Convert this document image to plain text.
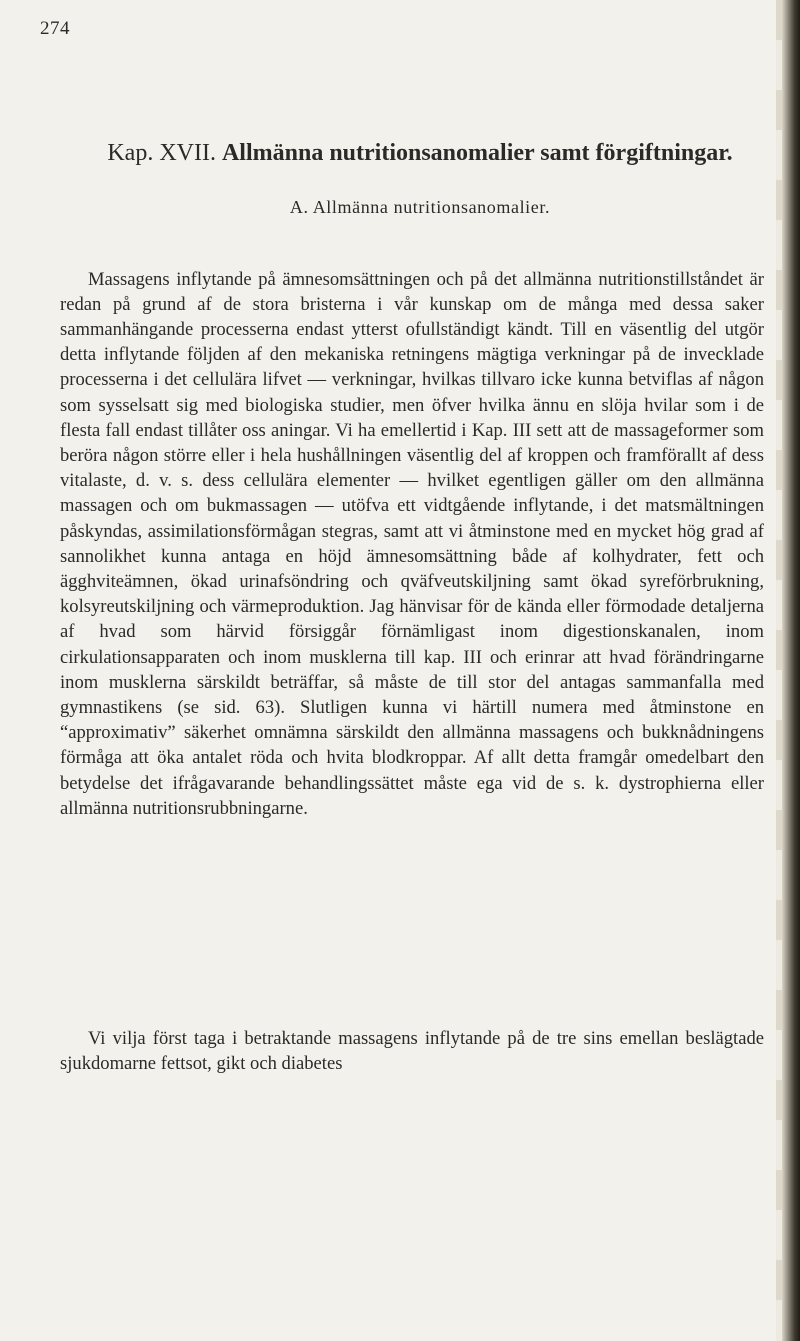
274
Kap. XVII. Allmänna nutritionsanomalier samt förgiftningar.
A. Allmänna nutritionsanomalier.

Massagens inflytande på ämnesomsättningen och på det allmänna nutritionstillståndet är redan på grund af de stora bristerna i vår kunskap om de många med dessa saker sammanhängande processerna endast ytterst ofullständigt kändt. Till en väsentlig del utgör detta inflytande följden af den mekaniska retningens mägtiga verkningar på de invecklade processerna i det cellulära lifvet — verkningar, hvilkas tillvaro icke kunna betviflas af någon som sysselsatt sig med biologiska studier, men öfver hvilka ännu en slöja hvilar som i de flesta fall endast tillåter oss aningar. Vi ha emellertid i Kap. III sett att de massageformer som beröra någon större eller i hela hushållningen väsentlig del af kroppen och framförallt af dess vitalaste, d. v. s. dess cellulära elementer — hvilket egentligen gäller om den allmänna massagen och om bukmassagen — utöfva ett vidtgående inflytande, i det matsmältningen påskyndas, assimilationsförmågan stegras, samt att vi åtminstone med en mycket hög grad af sannolikhet kunna antaga en höjd ämnesomsättning både af kolhydrater, fett och ägghviteämnen, ökad urinafsöndring och qväfveutskiljning samt ökad syreförbrukning, kolsyreutskiljning och värmeproduktion. Jag hänvisar för de kända eller förmodade detaljerna af hvad som härvid försiggår förnämligast inom digestionskanalen, inom cirkulationsapparaten och inom musklerna till kap. III och erinrar att hvad förändringarne inom musklerna särskildt beträffar, så måste de till stor del antagas sammanfalla med gymnastikens (se sid. 63). Slutligen kunna vi härtill numera med åtminstone en “approximativ” säkerhet omnämna särskildt den allmänna massagens och bukknådningens förmåga att öka antalet röda och hvita blodkroppar. Af allt detta framgår omedelbart den betydelse det ifrågavarande behandlingssättet måste ega vid de s. k. dystrophierna eller allmänna nutritionsrubbningarne.

Vi vilja först taga i betraktande massagens inflytande på de tre sins emellan beslägtade sjukdomarne fettsot, gikt och diabetes
